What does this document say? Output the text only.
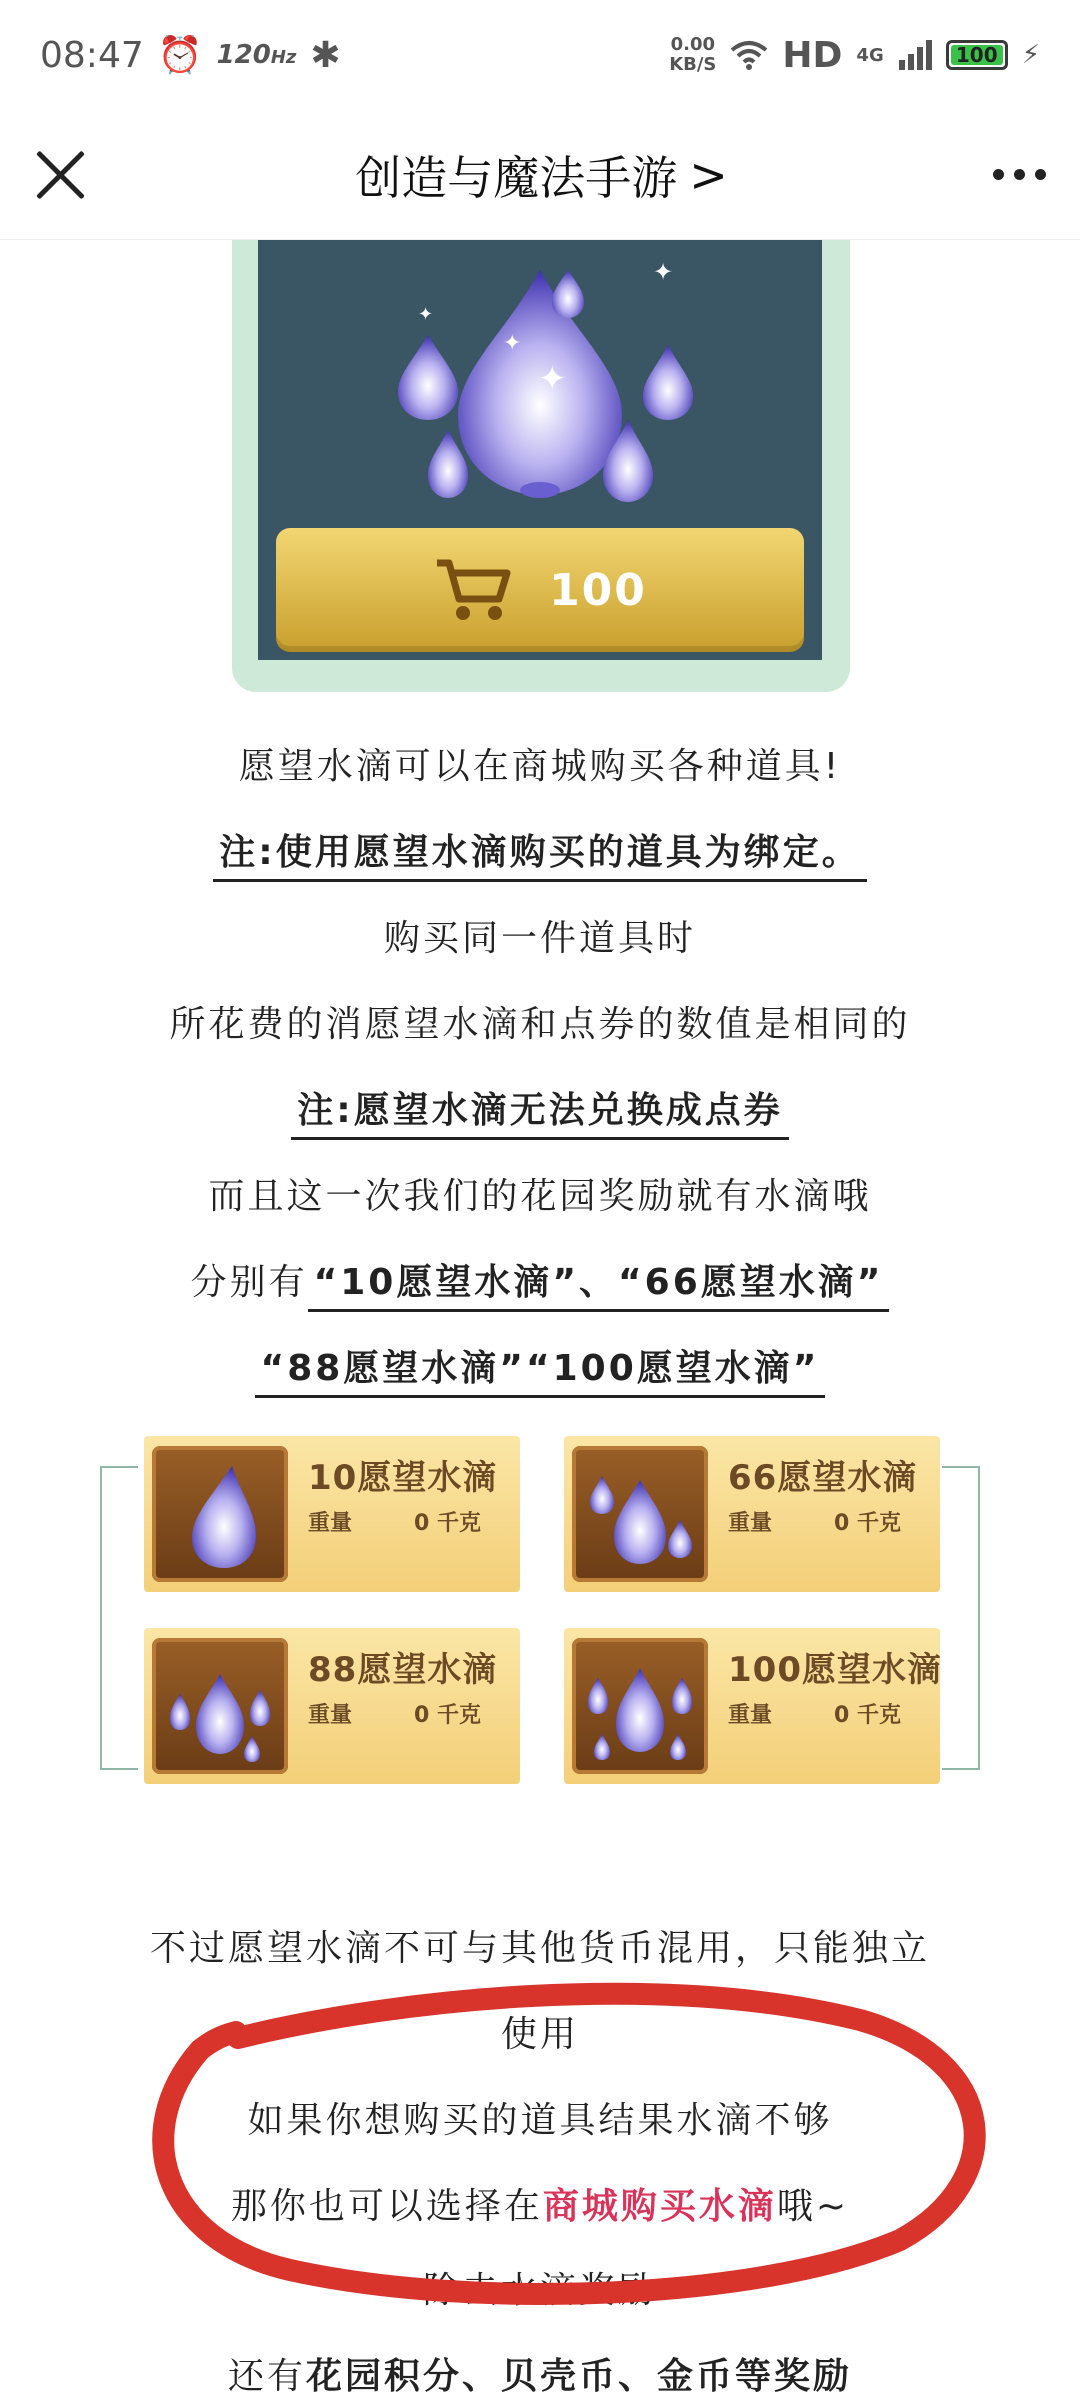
08:47 ⏰ 120Hz ✱	0.00
KB/S HD 4G	100 ⚡
创造与魔法手游 >
✦
✦
✦
✦
100
愿望水滴可以在商城购买各种道具!
注:使用愿望水滴购买的道具为绑定。
购买同一件道具时
所花费的消愿望水滴和点券的数值是相同的
注:愿望水滴无法兑换成点券
而且这一次我们的花园奖励就有水滴哦
分别有 “10愿望水滴”、“66愿望水滴”
“88愿望水滴”“100愿望水滴”
不过愿望水滴不可与其他货币混用，只能独立
使用
如果你想购买的道具结果水滴不够
那你也可以选择在商城购买水滴哦~
除去水滴奖励
还有花园积分、贝壳币、金币等奖励
10愿望水滴
重量	0 千克
66愿望水滴
重量	0 千克
88愿望水滴
重量	0 千克
100愿望水滴
重量	0 千克
